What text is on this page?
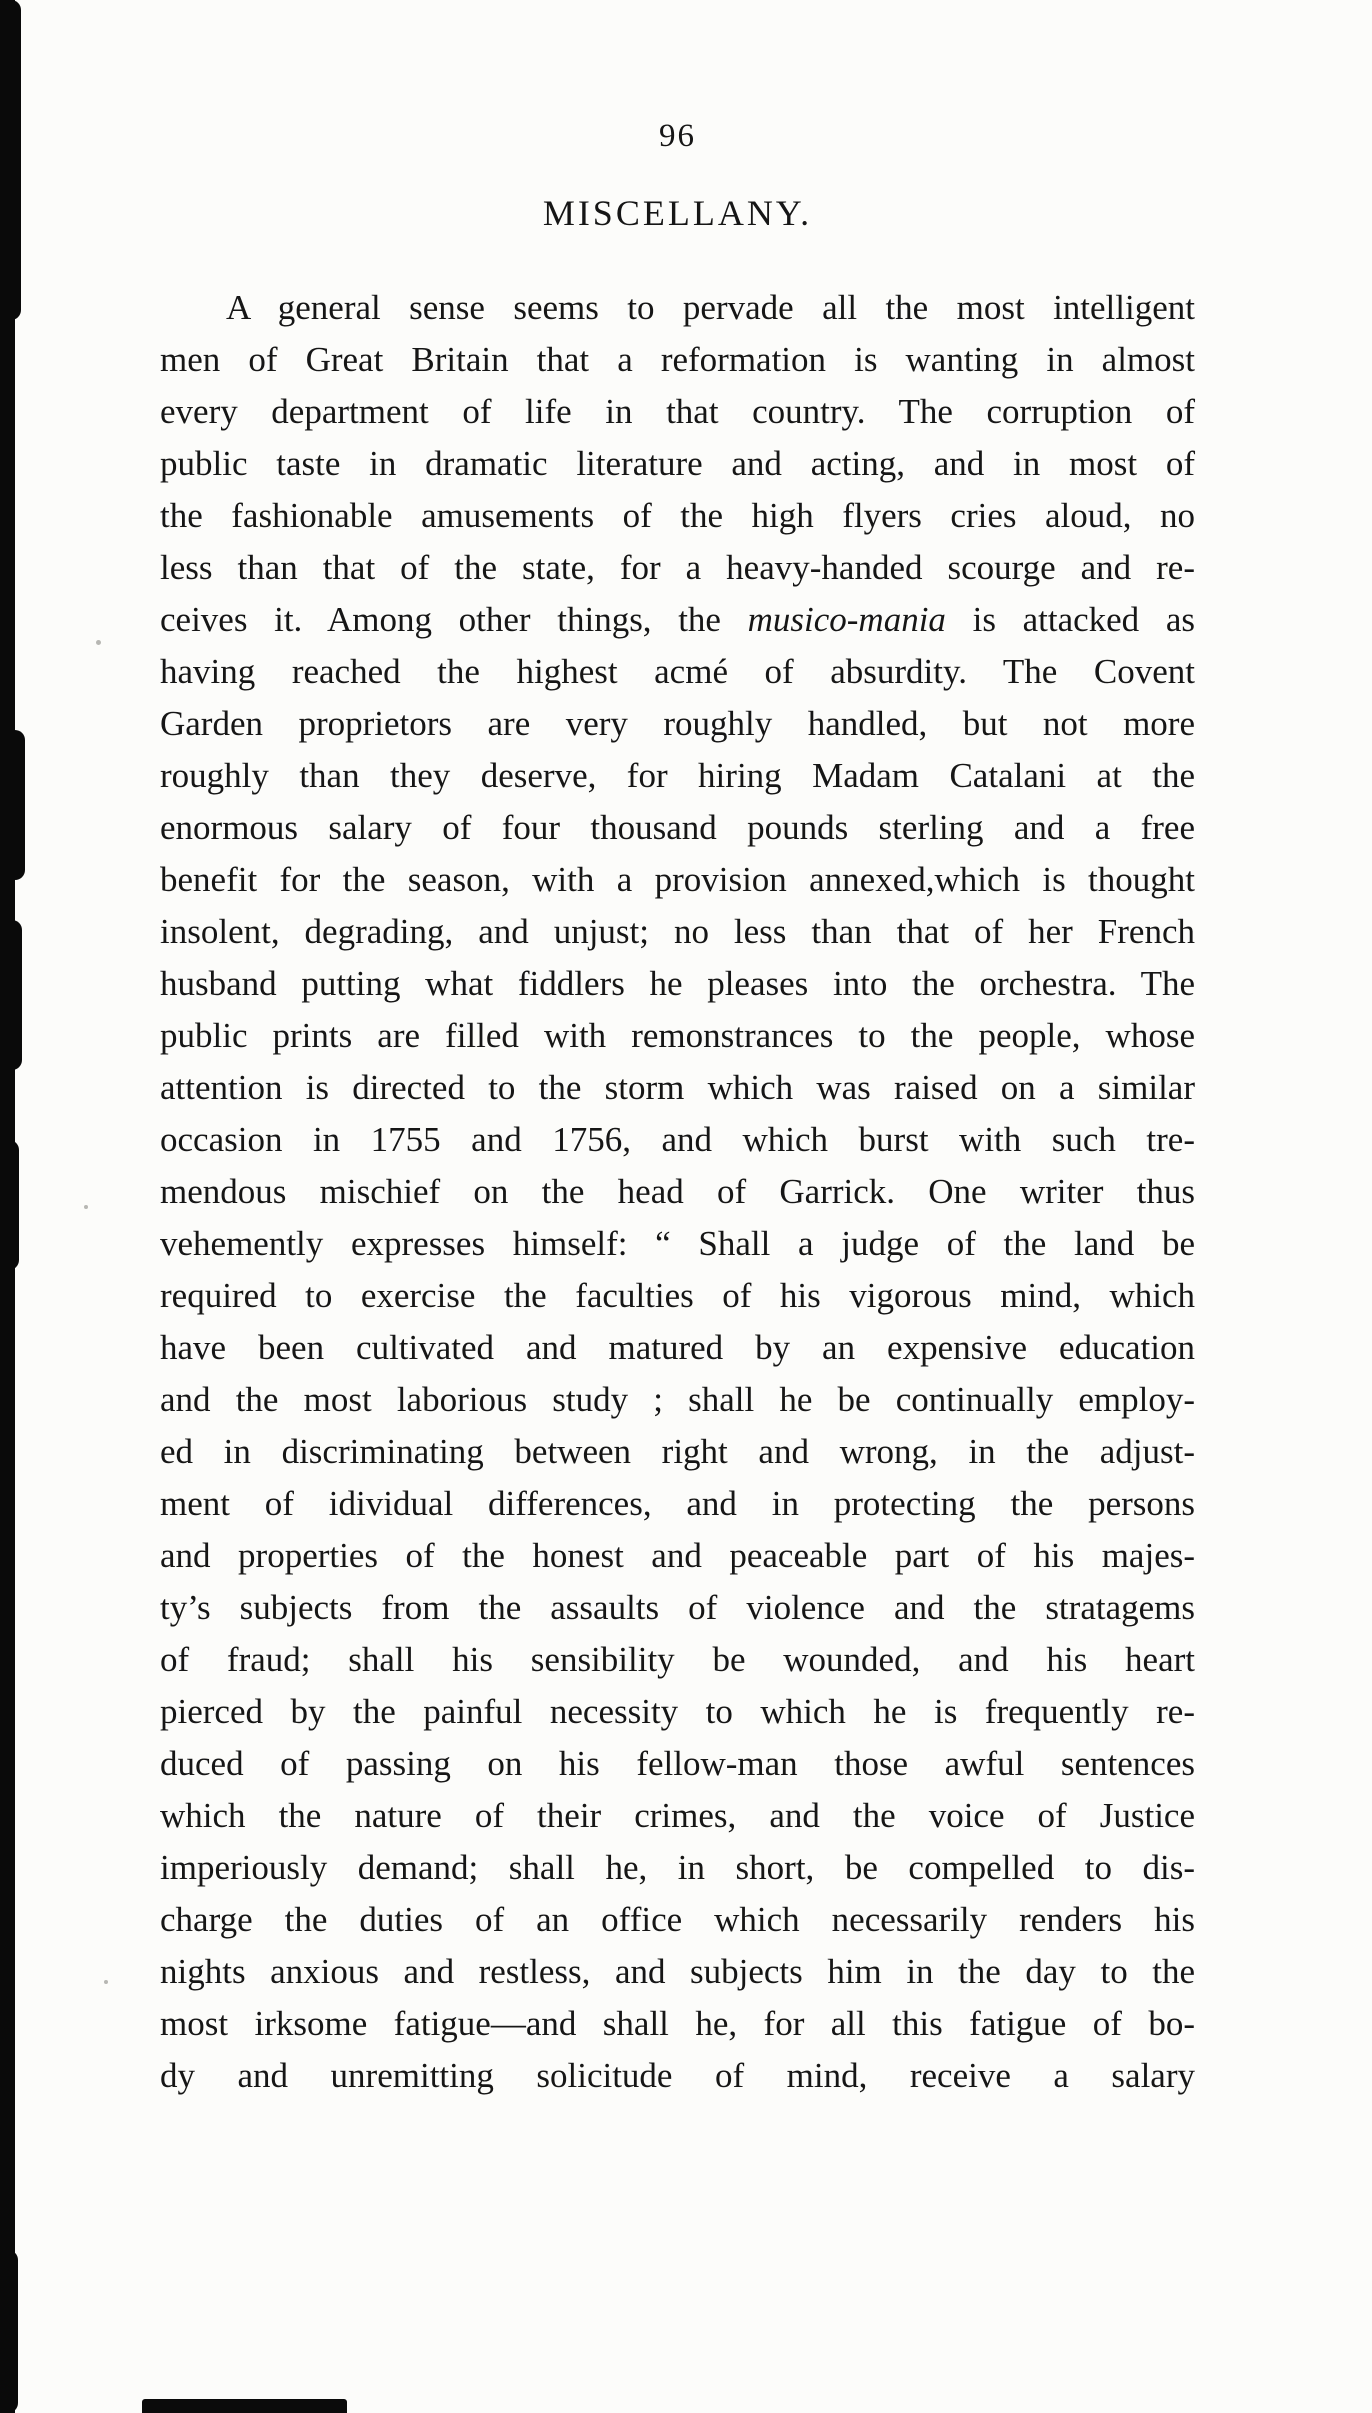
96
MISCELLANY.
A general sense seems to pervade all the most intelligent
men of Great Britain that a reformation is wanting in almost
every department of life in that country. The corruption of
public taste in dramatic literature and acting, and in most of
the fashionable amusements of the high flyers cries aloud, no
less than that of the state, for a heavy-handed scourge and re-
ceives it. Among other things, the musico-mania is attacked as
having reached the highest acmé of absurdity. The Covent
Garden proprietors are very roughly handled, but not more
roughly than they deserve, for hiring Madam Catalani at the
enormous salary of four thousand pounds sterling and a free
benefit for the season, with a provision annexed,which is thought
insolent, degrading, and unjust; no less than that of her French
husband putting what fiddlers he pleases into the orchestra. The
public prints are filled with remonstrances to the people, whose
attention is directed to the storm which was raised on a similar
occasion in 1755 and 1756, and which burst with such tre-
mendous mischief on the head of Garrick. One writer thus
vehemently expresses himself: “ Shall a judge of the land be
required to exercise the faculties of his vigorous mind, which
have been cultivated and matured by an expensive education
and the most laborious study ; shall he be continually employ-
ed in discriminating between right and wrong, in the adjust-
ment of idividual differences, and in protecting the persons
and properties of the honest and peaceable part of his majes-
ty’s subjects from the assaults of violence and the stratagems
of fraud; shall his sensibility be wounded, and his heart
pierced by the painful necessity to which he is frequently re-
duced of passing on his fellow-man those awful sentences
which the nature of their crimes, and the voice of Justice
imperiously demand; shall he, in short, be compelled to dis-
charge the duties of an office which necessarily renders his
nights anxious and restless, and subjects him in the day to the
most irksome fatigue—and shall he, for all this fatigue of bo-
dy and unremitting solicitude of mind, receive a salary
